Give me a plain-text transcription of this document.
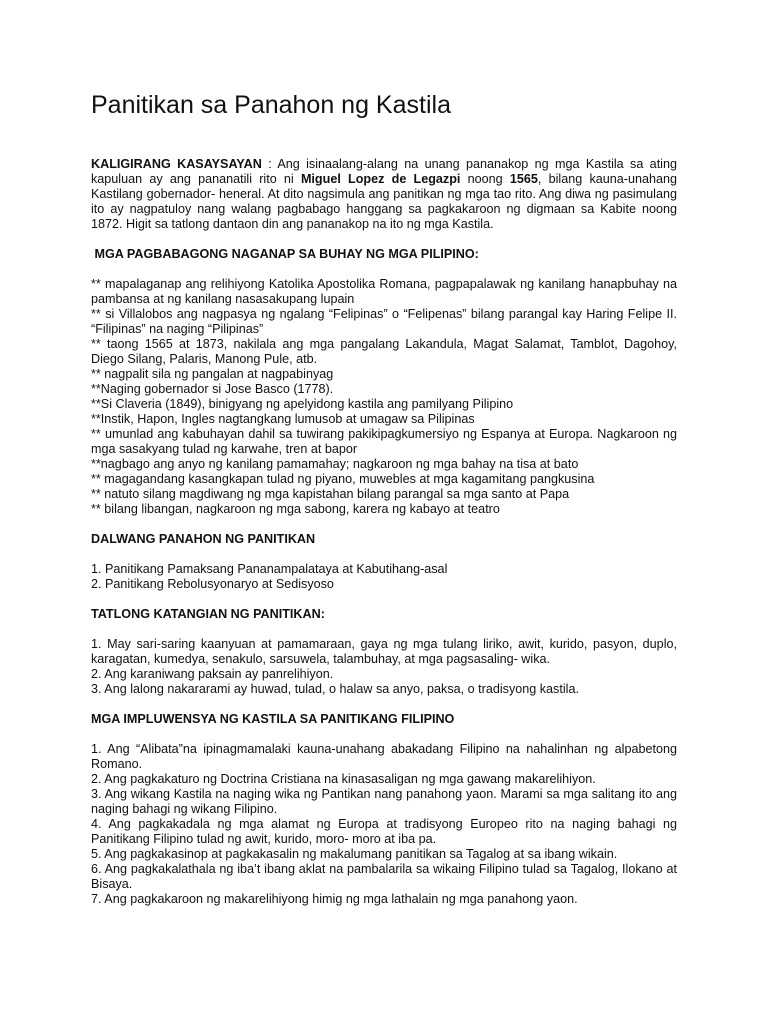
Panitikan sa Panahon ng Kastila
KALIGIRANG KASAYSAYAN : Ang isinaalang-alang na unang pananakop ng mga Kastila sa ating kapuluan ay ang pananatili rito ni Miguel Lopez de Legazpi noong 1565, bilang kauna-unahang Kastilang gobernador- heneral. At dito nagsimula ang panitikan ng mga tao rito. Ang diwa ng pasimulang ito ay nagpatuloy nang walang pagbabago hanggang sa pagkakaroon ng digmaan sa Kabite noong 1872. Higit sa tatlong dantaon din ang pananakop na ito ng mga Kastila.
MGA PAGBABAGONG NAGANAP SA BUHAY NG MGA PILIPINO:
** mapalaganap ang relihiyong Katolika Apostolika Romana, pagpapalawak ng kanilang hanapbuhay na pambansa at ng kanilang nasasakupang lupain
** si Villalobos ang nagpasya ng ngalang “Felipinas” o “Felipenas” bilang parangal kay Haring Felipe II. “Filipinas” na naging “Pilipinas”
** taong 1565 at 1873, nakilala ang mga pangalang Lakandula, Magat Salamat, Tamblot, Dagohoy, Diego Silang, Palaris, Manong Pule, atb.
** nagpalit sila ng pangalan at nagpabinyag
**Naging gobernador si Jose Basco (1778).
**Si Claveria (1849), binigyang ng apelyidong kastila ang pamilyang Pilipino
**Instik, Hapon, Ingles nagtangkang lumusob at umagaw sa Pilipinas
** umunlad ang kabuhayan dahil sa tuwirang pakikipagkumersiyo ng Espanya at Europa. Nagkaroon ng mga sasakyang tulad ng karwahe, tren at bapor
**nagbago ang anyo ng kanilang pamamahay; nagkaroon ng mga bahay na tisa at bato
** magagandang kasangkapan tulad ng piyano, muwebles at mga kagamitang pangkusina
** natuto silang magdiwang ng mga kapistahan bilang parangal sa mga santo at Papa
** bilang libangan, nagkaroon ng mga sabong, karera ng kabayo at teatro
DALWANG PANAHON NG PANITIKAN
1. Panitikang Pamaksang Pananampalataya at Kabutihang-asal
2. Panitikang Rebolusyonaryo at Sedisyoso
TATLONG KATANGIAN NG PANITIKAN:
1. May sari-saring kaanyuan at pamamaraan, gaya ng mga tulang liriko, awit, kurido, pasyon, duplo, karagatan, kumedya, senakulo, sarsuwela, talambuhay, at mga pagsasaling- wika.
2. Ang karaniwang paksain ay panrelihiyon.
3. Ang lalong nakararami ay huwad, tulad, o halaw sa anyo, paksa, o tradisyong kastila.
MGA IMPLUWENSYA NG KASTILA SA PANITIKANG FILIPINO
1. Ang “Alibata”na ipinagmamalaki kauna-unahang abakadang Filipino na nahalinhan ng alpabetong Romano.
2. Ang pagkakaturo ng Doctrina Cristiana na kinasasaligan ng mga gawang makarelihiyon.
3. Ang wikang Kastila na naging wika ng Pantikan nang panahong yaon. Marami sa mga salitang ito ang naging bahagi ng wikang Filipino.
4. Ang pagkakadala ng mga alamat ng Europa at tradisyong Europeo rito na naging bahagi ng Panitikang Filipino tulad ng awit, kurido, moro- moro at iba pa.
5. Ang pagkakasinop at pagkakasalin ng makalumang panitikan sa Tagalog at sa ibang wikain.
6. Ang pagkakalathala ng iba’t ibang aklat na pambalarila sa wikaing Filipino tulad sa Tagalog, Ilokano at Bisaya.
7. Ang pagkakaroon ng makarelihiyong himig ng mga lathalain ng mga panahong yaon.
